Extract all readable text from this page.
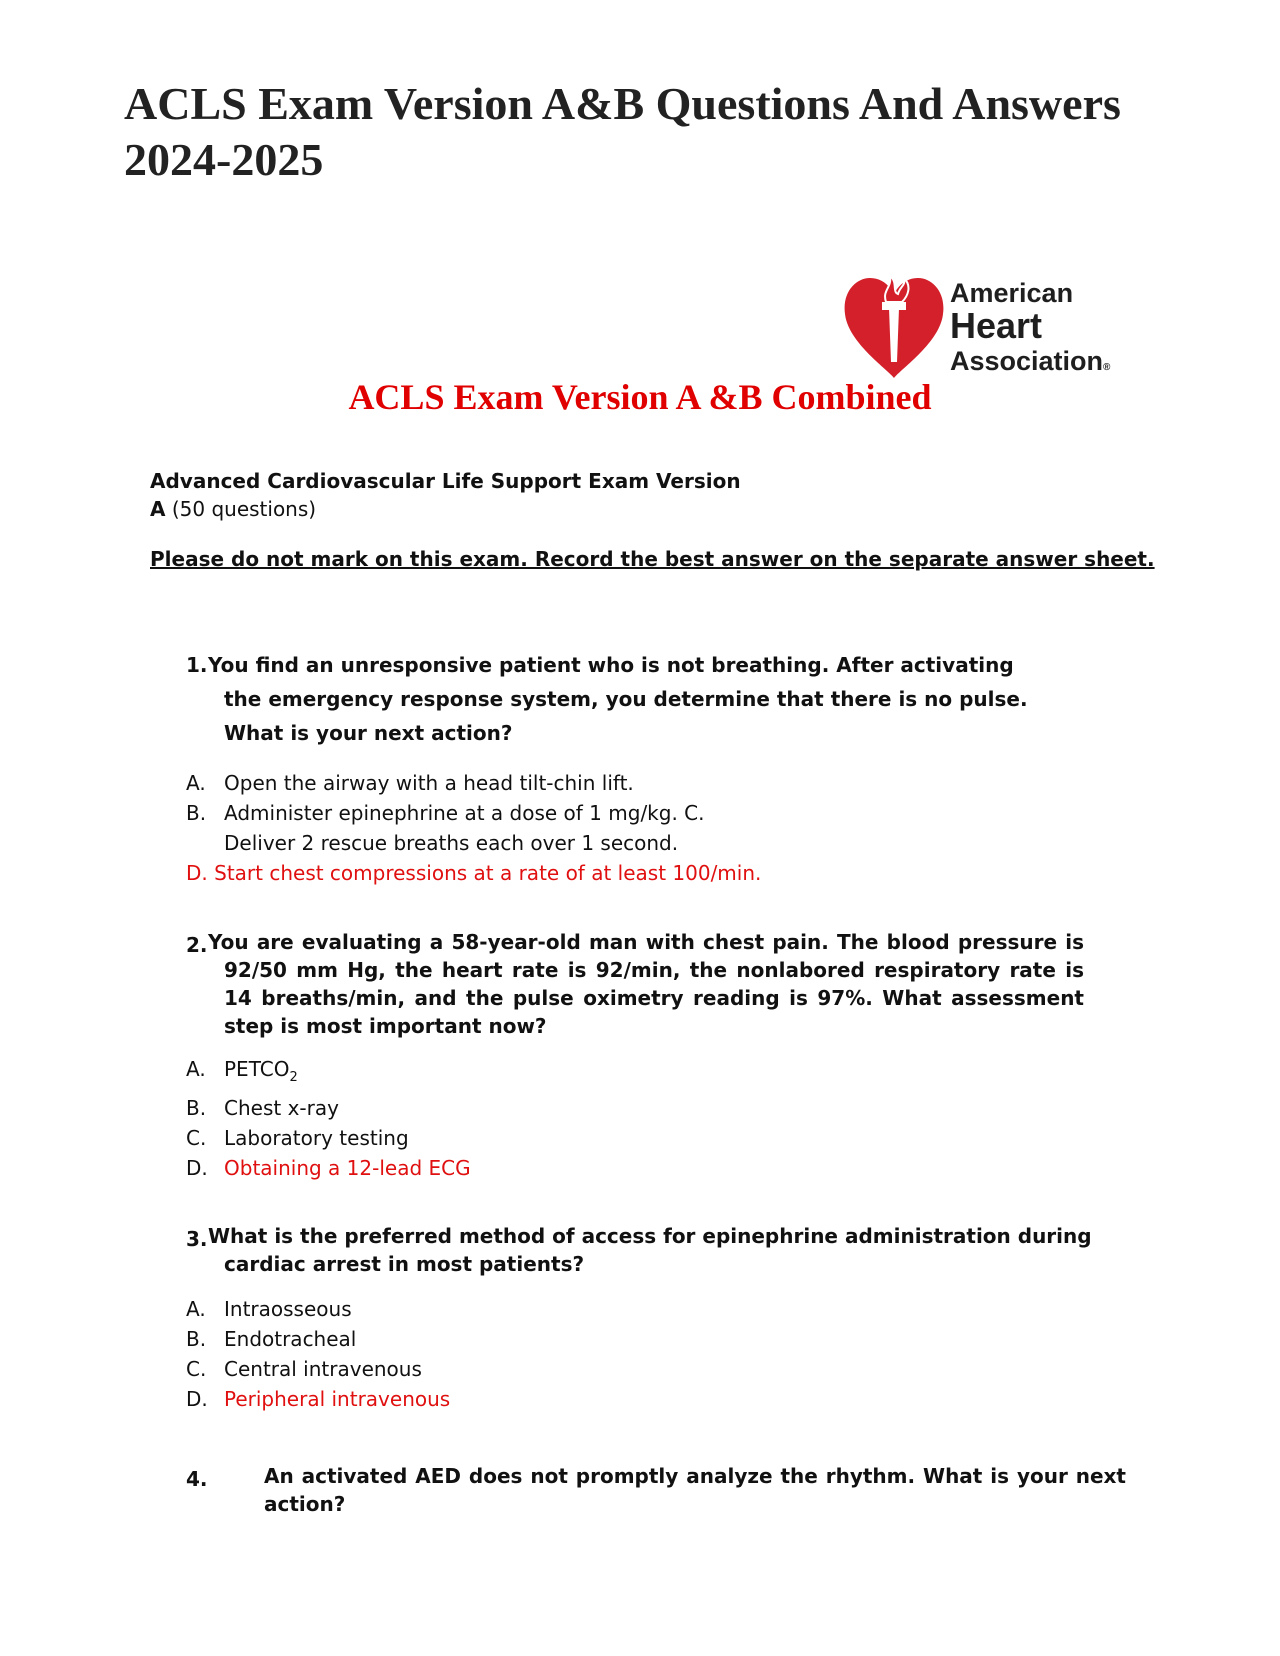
ACLS Exam Version A&B Questions And Answers 2024-2025
American
Heart
Association®
ACLS Exam Version A &B Combined
Advanced Cardiovascular Life Support Exam Version
A (50 questions)
Please do not mark on this exam. Record the best answer on the separate answer sheet.
1. You find an unresponsive patient who is not breathing. After activating the emergency response system, you determine that there is no pulse. What is your next action?
A. Open the airway with a head tilt-chin lift.
B. Administer epinephrine at a dose of 1 mg/kg. C.
Deliver 2 rescue breaths each over 1 second.
D. Start chest compressions at a rate of at least 100/min.
2. You are evaluating a 58-year-old man with chest pain. The blood pressure is 92/50 mm Hg, the heart rate is 92/min, the nonlabored respiratory rate is 14 breaths/min, and the pulse oximetry reading is 97%. What assessment step is most important now?
A. $PETCO_2$
B. Chest x-ray
C. Laboratory testing
D. Obtaining a 12-lead ECG
3. What is the preferred method of access for epinephrine administration during cardiac arrest in most patients?
A. Intraosseous
B. Endotracheal
C. Central intravenous
D. Peripheral intravenous
4.	An activated AED does not promptly analyze the rhythm. What is your next action?
